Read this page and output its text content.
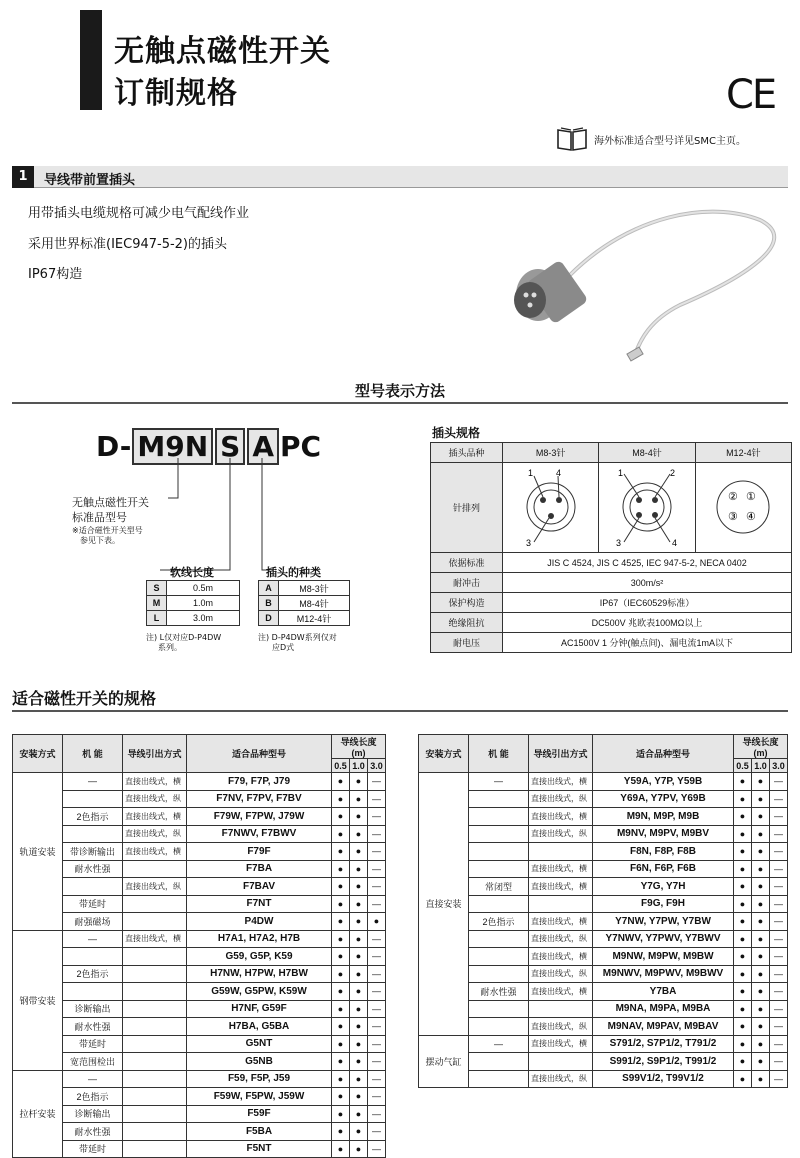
无触点磁性开关
订制规格	CE
海外标准适合型号详见SMC主页。
1	导线带前置插头
用带插头电缆规格可减少电气配线作业
采用世界标准(IEC947-5-2)的插头
IP67构造
型号表示方法
D- M9N S A PC
无触点磁性开关
标准品型号
※适合磁性开关型号
参见下表。
软线长度
S	0.5m
M	1.0m
L	3.0m
注) L仅对应D-P4DW
系列。
插头的种类
A	M8-3针
B	M8-4针
D	M12-4针
注) D-P4DW系列仅对
应D式
插头规格
插头品种	M8-3针	M8-4针	M12-4针
针排列	1 4
3	1 2
4
3	② ①
③ ④

依据标准	JIS C 4524, JIS C 4525, IEC 947-5-2, NECA 0402		
耐冲击	300m/s²		
保护构造	IP67（IEC60529标准）		
绝缘阻抗	DC500V 兆欧表100MΩ以上		
耐电压	AC1500V 1 分钟(触点间)、漏电流1mA以下		
适合磁性开关的规格
安装方式	机 能	导线引出方式	适合品种型号	导线长度 (m)		
				0.5	1.0	3.0
轨道安装	—	直接出线式，横	F79, F7P, J79	●	●	—
		直接出线式，纵	F7NV, F7PV, F7BV	●	●	—
	2色指示	直接出线式，横	F79W, F7PW, J79W	●	●	—
		直接出线式，纵	F7NWV, F7BWV	●	●	—
	带诊断输出	直接出线式，横	F79F	●	●	—
	耐水性强		F7BA	●	●	—
		直接出线式，纵	F7BAV	●	●	—
	带延时		F7NT	●	●	—
	耐强磁场		P4DW	●	●	●
钢带安装	—	直接出线式，横	H7A1, H7A2, H7B	●	●	—
			G59, G5P, K59	●	●	—
	2色指示		H7NW, H7PW, H7BW	●	●	—
			G59W, G5PW, K59W	●	●	—
	诊断输出		H7NF, G59F	●	●	—
	耐水性强		H7BA, G5BA	●	●	—
	带延时		G5NT	●	●	—
	宽范围检出		G5NB	●	●	—
拉杆安装	—		F59, F5P, J59	●	●	—
	2色指示		F59W, F5PW, J59W	●	●	—
	诊断输出		F59F	●	●	—
	耐水性强		F5BA	●	●	—
	带延时		F5NT	●	●	—
安装方式	机 能	导线引出方式	适合品种型号	导线长度 (m)		
				0.5	1.0	3.0
直接安装	—	直接出线式，横	Y59A, Y7P, Y59B	●	●	—
		直接出线式，纵	Y69A, Y7PV, Y69B	●	●	—
		直接出线式，横	M9N, M9P, M9B	●	●	—
		直接出线式，纵	M9NV, M9PV, M9BV	●	●	—
			F8N, F8P, F8B	●	●	—
		直接出线式，横	F6N, F6P, F6B	●	●	—
	常闭型	直接出线式，横	Y7G, Y7H	●	●	—
			F9G, F9H	●	●	—
	2色指示	直接出线式，横	Y7NW, Y7PW, Y7BW	●	●	—
		直接出线式，纵	Y7NWV, Y7PWV, Y7BWV	●	●	—
		直接出线式，横	M9NW, M9PW, M9BW	●	●	—
		直接出线式，纵	M9NWV, M9PWV, M9BWV	●	●	—
	耐水性强	直接出线式，横	Y7BA	●	●	—
			M9NA, M9PA, M9BA	●	●	—
		直接出线式，纵	M9NAV, M9PAV, M9BAV	●	●	—
摆动气缸	—	直接出线式，横	S791/2, S7P1/2, T791/2	●	●	—
			S991/2, S9P1/2, T991/2	●	●	—
		直接出线式，纵	S99V1/2, T99V1/2	●	●	—
